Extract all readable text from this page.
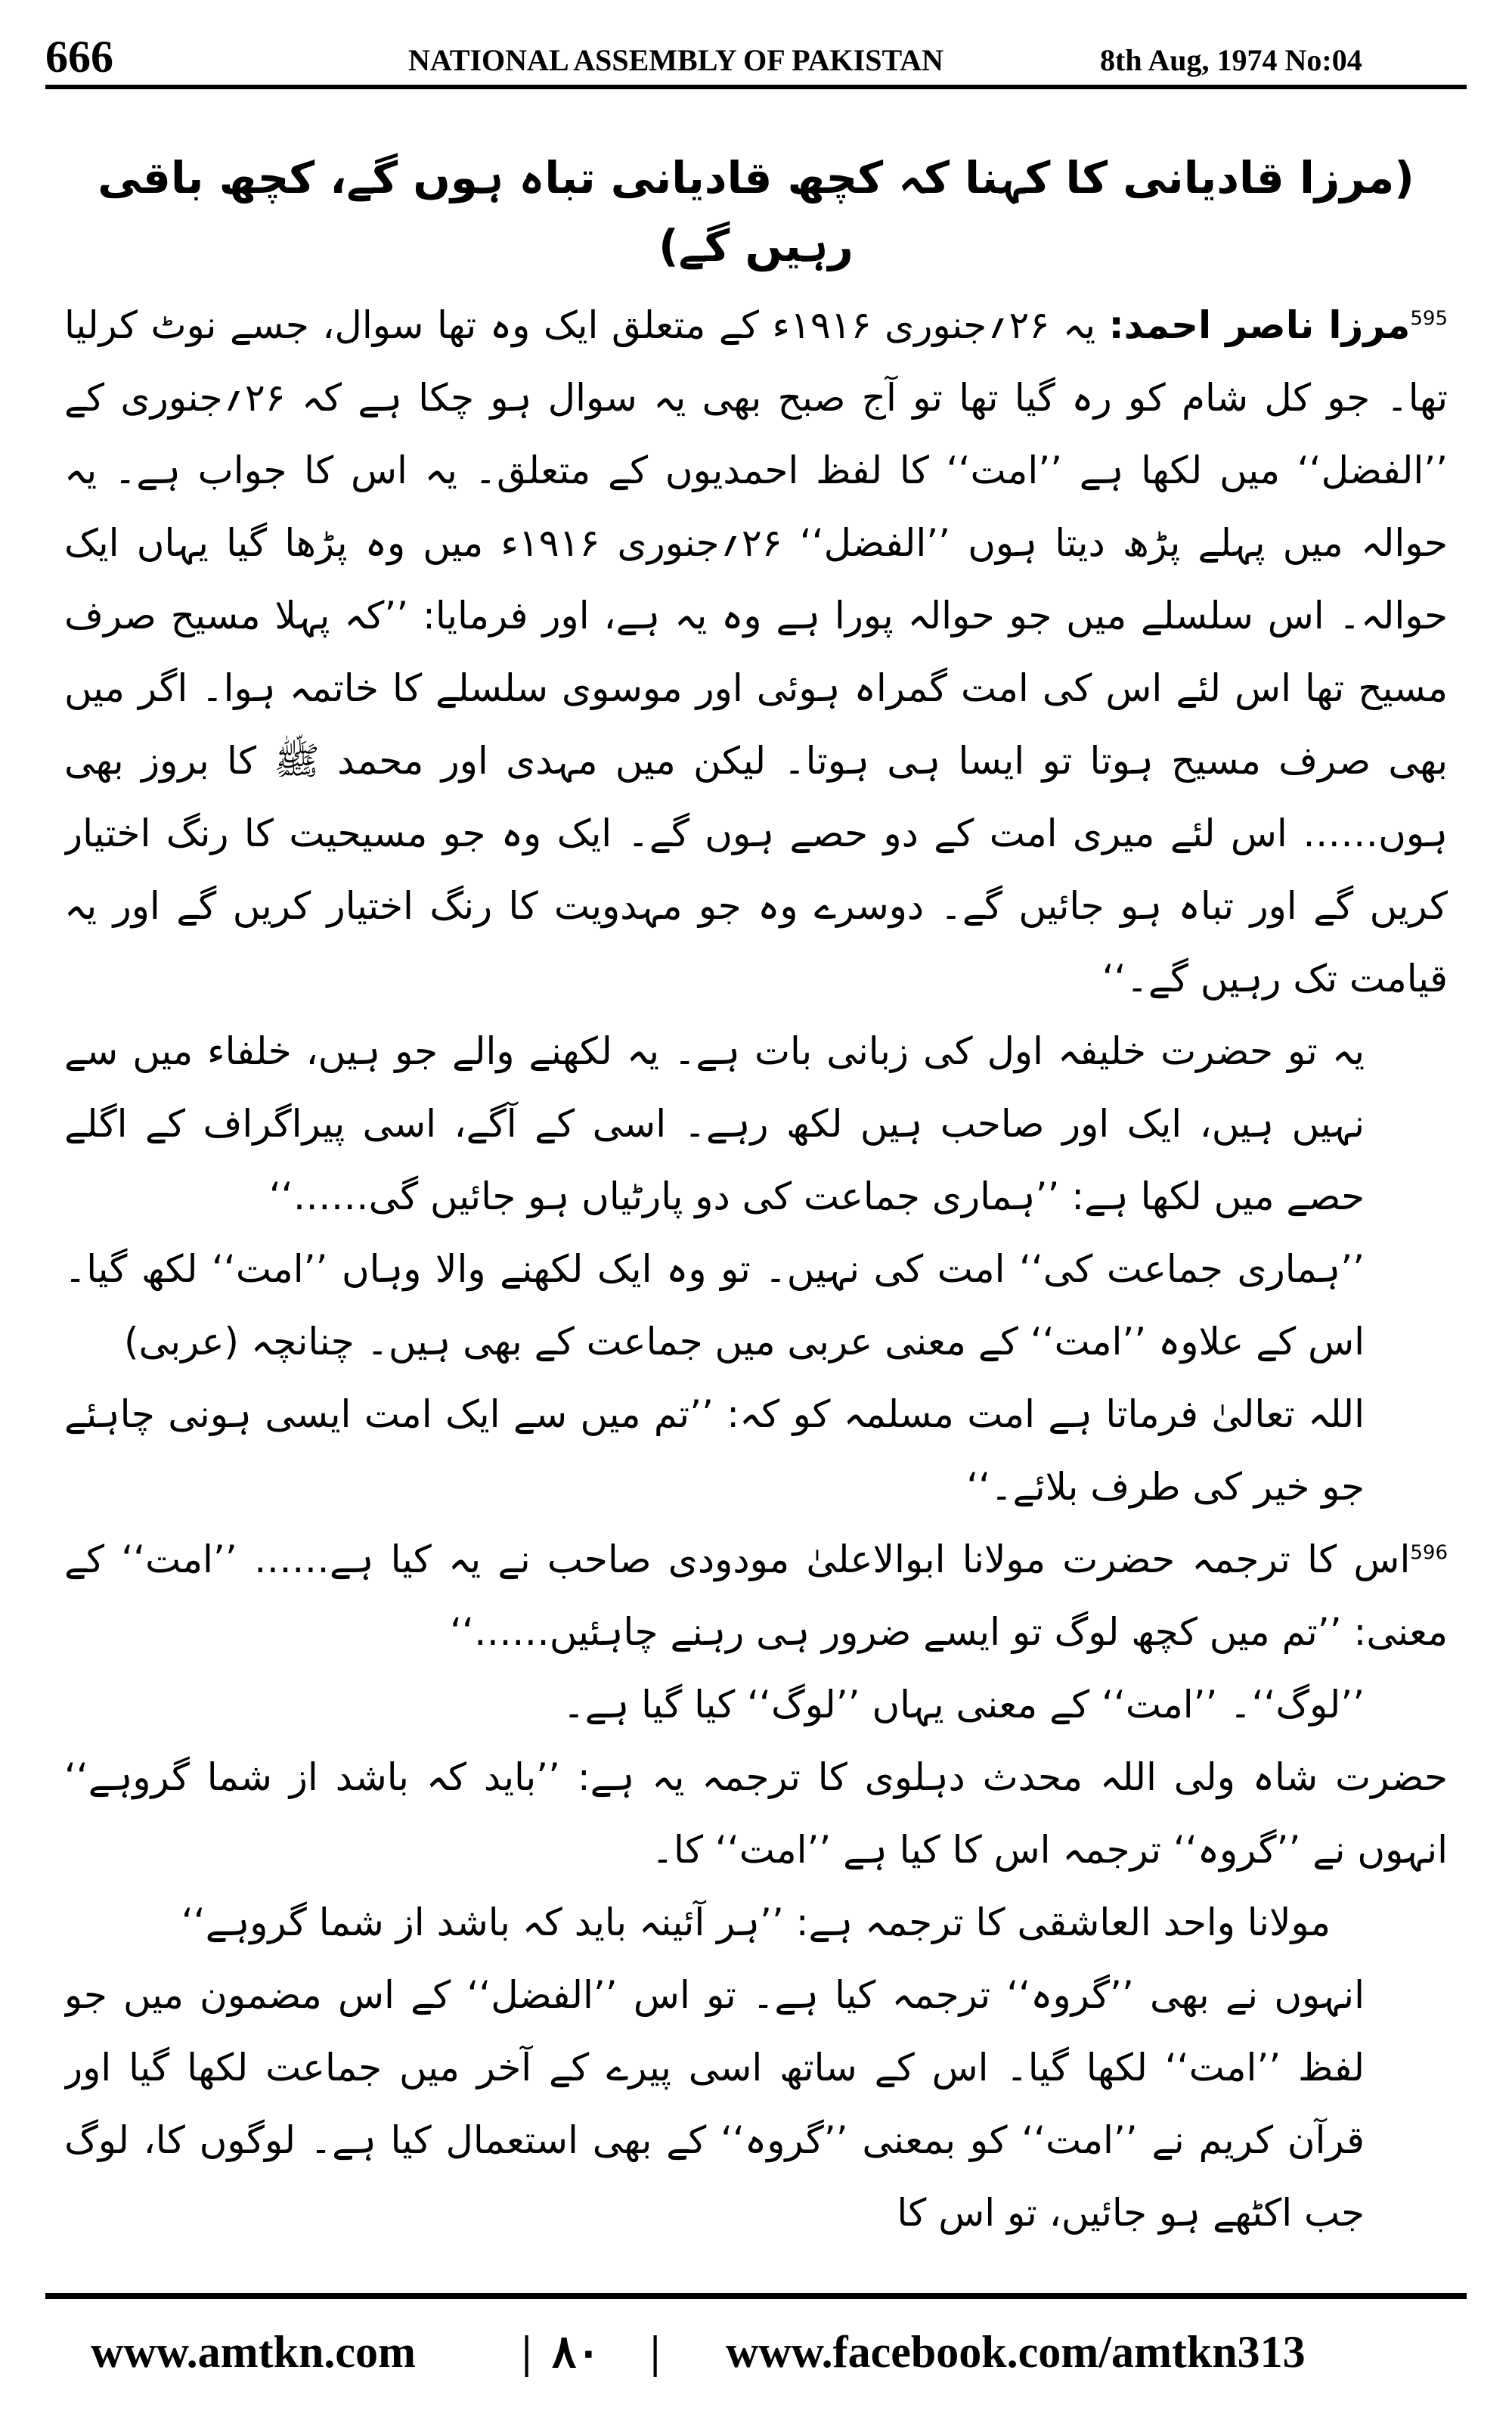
666	NATIONAL ASSEMBLY OF PAKISTAN	8th Aug, 1974 No:04
(مرزا قادیانی کا کہنا کہ کچھ قادیانی تباہ ہوں گے، کچھ باقی رہیں گے)

$^{595}$مرزا ناصر احمد: یہ ۲۶؍جنوری ۱۹۱۶ء کے متعلق ایک وہ تھا سوال، جسے نوٹ کرلیا تھا۔ جو کل شام کو رہ گیا تھا تو آج صبح بھی یہ سوال ہو چکا ہے کہ ۲۶؍جنوری کے ’’الفضل‘‘ میں لکھا ہے ’’امت‘‘ کا لفظ احمدیوں کے متعلق۔ یہ اس کا جواب ہے۔ یہ حوالہ میں پہلے پڑھ دیتا ہوں ’’الفضل‘‘ ۲۶؍جنوری ۱۹۱۶ء میں وہ پڑھا گیا یہاں ایک حوالہ۔ اس سلسلے میں جو حوالہ پورا ہے وہ یہ ہے، اور فرمایا: ’’کہ پہلا مسیح صرف مسیح تھا اس لئے اس کی امت گمراہ ہوئی اور موسوی سلسلے کا خاتمہ ہوا۔ اگر میں بھی صرف مسیح ہوتا تو ایسا ہی ہوتا۔ لیکن میں مہدی اور محمد ﷺ کا بروز بھی ہوں…… اس لئے میری امت کے دو حصے ہوں گے۔ ایک وہ جو مسیحیت کا رنگ اختیار کریں گے اور تباہ ہو جائیں گے۔ دوسرے وہ جو مہدویت کا رنگ اختیار کریں گے اور یہ قیامت تک رہیں گے۔‘‘

یہ تو حضرت خلیفہ اول کی زبانی بات ہے۔ یہ لکھنے والے جو ہیں، خلفاء میں سے نہیں ہیں، ایک اور صاحب ہیں لکھ رہے۔ اسی کے آگے، اسی پیراگراف کے اگلے حصے میں لکھا ہے: ’’ہماری جماعت کی دو پارٹیاں ہو جائیں گی……‘‘

’’ہماری جماعت کی‘‘ امت کی نہیں۔ تو وہ ایک لکھنے والا وہاں ’’امت‘‘ لکھ گیا۔ اس کے علاوہ ’’امت‘‘ کے معنی عربی میں جماعت کے بھی ہیں۔ چنانچہ (عربی)

اللہ تعالیٰ فرماتا ہے امت مسلمہ کو کہ: ’’تم میں سے ایک امت ایسی ہونی چاہئے جو خیر کی طرف بلائے۔‘‘

$^{596}$اس کا ترجمہ حضرت مولانا ابوالاعلیٰ مودودی صاحب نے یہ کیا ہے…… ’’امت‘‘ کے معنی: ’’تم میں کچھ لوگ تو ایسے ضرور ہی رہنے چاہئیں……‘‘

’’لوگ‘‘۔ ’’امت‘‘ کے معنی یہاں ’’لوگ‘‘ کیا گیا ہے۔

حضرت شاہ ولی اللہ محدث دہلوی کا ترجمہ یہ ہے: ’’باید کہ باشد از شما گروہے‘‘ انہوں نے ’’گروہ‘‘ ترجمہ اس کا کیا ہے ’’امت‘‘ کا۔

مولانا واحد العاشقی کا ترجمہ ہے: ’’ہر آئینہ باید کہ باشد از شما گروہے‘‘

انہوں نے بھی ’’گروہ‘‘ ترجمہ کیا ہے۔ تو اس ’’الفضل‘‘ کے اس مضمون میں جو لفظ ’’امت‘‘ لکھا گیا۔ اس کے ساتھ اسی پیرے کے آخر میں جماعت لکھا گیا اور قرآن کریم نے ’’امت‘‘ کو بمعنی ’’گروہ‘‘ کے بھی استعمال کیا ہے۔ لوگوں کا، لوگ جب اکٹھے ہو جائیں، تو اس کا

www.amtkn.com | ۸۰ | www.facebook.com/amtkn313
